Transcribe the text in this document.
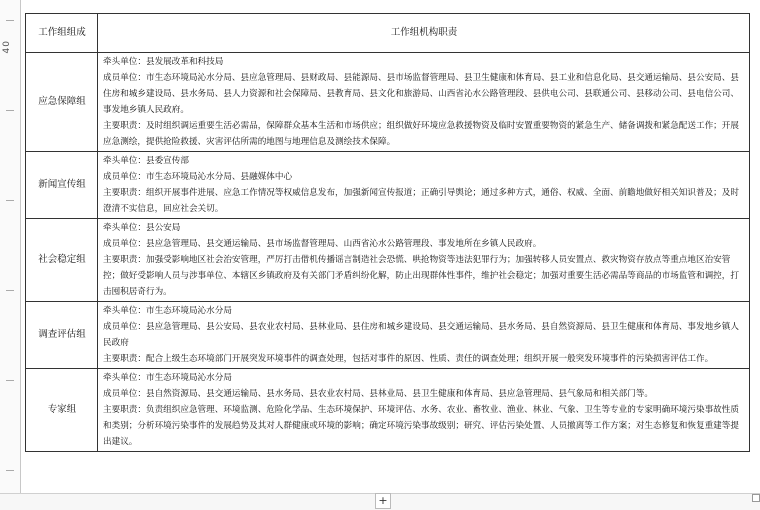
40
工作组组成	工作组机构职责
应急保障组	牵头单位：县发展改革和科技局
成员单位：市生态环境局沁水分局、县应急管理局、县财政局、县能源局、县市场监督管理局、县卫生健康和体育局、县工业和信息化局、县交通运输局、县公安局、县住房和城乡建设局、县水务局、县人力资源和社会保障局、县教育局、县文化和旅游局、山西省沁水公路管理段、县供电公司、县联通公司、县移动公司、县电信公司、事发地乡镇人民政府。
主要职责：及时组织调运重要生活必需品，保障群众基本生活和市场供应；组织做好环境应急救援物资及临时安置重要物资的紧急生产、储备调拨和紧急配送工作；开展应急测绘，提供抢险救援、灾害评估所需的地图与地理信息及测绘技术保障。

新闻宣传组	牵头单位：县委宣传部
成员单位：市生态环境局沁水分局、县融媒体中心
主要职责：组织开展事件进展、应急工作情况等权威信息发布，加强新闻宣传报道；正确引导舆论；通过多种方式，通俗、权威、全面、前瞻地做好相关知识普及；及时澄清不实信息，回应社会关切。

社会稳定组	牵头单位：县公安局
成员单位：县应急管理局、县交通运输局、县市场监督管理局、山西省沁水公路管理段、事发地所在乡镇人民政府。
主要职责：加强受影响地区社会治安管理，严厉打击借机传播谣言制造社会恐慌、哄抢物资等违法犯罪行为；加强转移人员安置点、救灾物资存放点等重点地区治安管控；做好受影响人员与涉事单位、本辖区乡镇政府及有关部门矛盾纠纷化解，防止出现群体性事件，维护社会稳定；加强对重要生活必需品等商品的市场监管和调控，打击囤积居奇行为。

调查评估组	牵头单位：市生态环境局沁水分局
成员单位：县应急管理局、县公安局、县农业农村局、县林业局、县住房和城乡建设局、县交通运输局、县水务局、县自然资源局、县卫生健康和体育局、事发地乡镇人民政府
主要职责：配合上级生态环境部门开展突发环境事件的调查处理，包括对事件的原因、性质、责任的调查处理；组织开展一般突发环境事件的污染损害评估工作。

专家组	牵头单位：市生态环境局沁水分局
成员单位：县自然资源局、县交通运输局、县水务局、县农业农村局、县林业局、县卫生健康和体育局、县应急管理局、县气象局和相关部门等。
主要职责：负责组织应急管理、环境监测、危险化学品、生态环境保护、环境评估、水务、农业、畜牧业、渔业、林业、气象、卫生等专业的专家明确环境污染事故性质和类别；分析环境污染事件的发展趋势及其对人群健康或环境的影响；确定环境污染事故级别；研究、评估污染处置、人员撤离等工作方案；对生态修复和恢复重建等提出建议。
+
